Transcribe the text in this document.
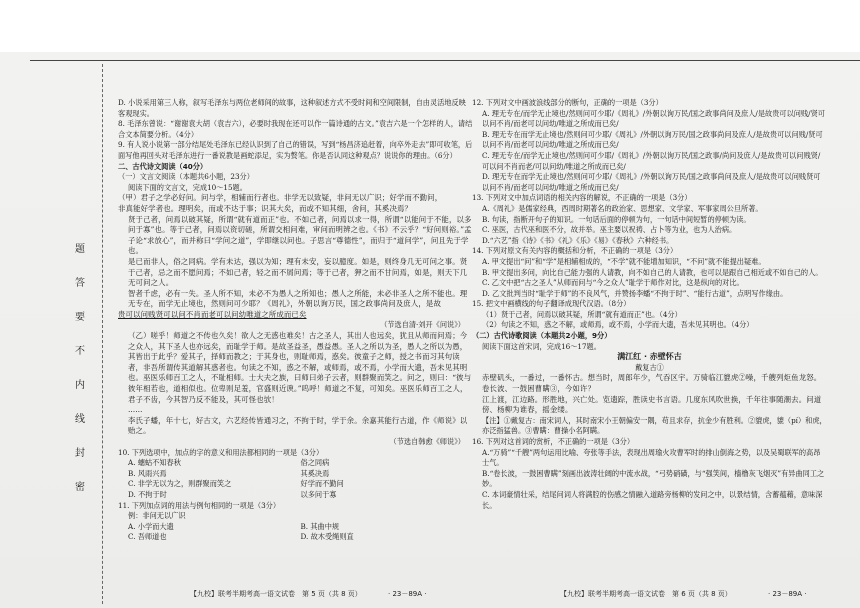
题
答
要
不
内
线
封
密

D. 小说采用第三人称，叙写毛泽东与两位老师间的故事，这种叙述方式不受时间和空间限制，自由灵活地反映客观现实。

8. 毛泽东曾说：“谢谢袁大胡（袁吉六），必要时我现在还可以作一篇诗通的古文。”袁吉六是一个怎样的人，请结合文本简要分析。（4分）

9. 有人说小说第一部分结尾处毛泽东已经认识到了自己的错误，写到“杨昌济追赶着，向卒外走去”即可收笔，后面写他再回头对毛泽东进行一番说教是画蛇添足，实为赘笔。你是否认同这种观点？说说你的理由。（6分）

二、古代诗文阅读（40分）

（一）文言文阅读（本题共6小题，23分）

阅读下面的文言文，完成10～15题。

（甲）君子之学必好问。问与学，相辅而行者也。非学无以致疑，非问无以广识；好学而不勤问，

非真能好学者也。理明矣，而或不达于事；识其大矣，而或不知其细，舍问，其奚决焉？

贤于己者，问焉以破其疑，所谓“就有道而正”也。不如己者，问焉以求一得，所谓“以能问于不能，以多问于寡”也。等于己者，问焉以资切磋，所谓交相问难，审问而明辨之也。《书》不云乎？“好问则裕。”孟子论“求放心”，而并称曰“学问之道”，学即继以问也。子思言“尊德性”，而归于“道问学”，问且先于学也。

是已而非人，俗之同病。学有未达，强以为知；理有未安，妄以臆度。如是，则终身几无可问之事。贤于己者，忌之而不愿问焉；不如己者，轻之而不屑问焉；等于己者，狎之而不甘问焉，如是，则天下几无可问之人。

智者千虑，必有一失。圣人所不知，未必不为愚人之所知也；愚人之所能，未必非圣人之所不能也。理无专在，而学无止境也，然则问可少耶？《周礼》，外朝以询万民，国之政事尚问及庶人，是故

贵可以问贱贤可以问不肖而老可以问幼唯道之所成而已矣

（节选自清·刘开《问说》）

（乙）嗟乎！师道之不传也久矣！欲人之无惑也难矣！古之圣人，其出人也远矣，犹且从师而问焉；今之众人，其下圣人也亦远矣，而耻学于师。是故圣益圣，愚益愚。圣人之所以为圣，愚人之所以为愚，其皆出于此乎？爱其子，择师而教之；于其身也，则耻师焉，惑矣。彼童子之师，授之书而习其句读者，非吾所谓传其道解其惑者也。句读之不知，惑之不解，或师焉，或不焉，小学而大遗，吾未见其明也。巫医乐师百工之人，不耻相师。士大夫之族，曰师曰弟子云者，则群聚而笑之。问之，则曰：“彼与彼年相若也，道相似也。位卑则足羞，官盛则近谀。”呜呼！师道之不复，可知矣。巫医乐师百工之人，君子不齿，今其智乃反不能及，其可怪也欤！

……

李氏子蟠，年十七，好古文，六艺经传皆通习之，不拘于时，学于余。余嘉其能行古道，作《师说》以贻之。

（节选自韩愈《师说》）

10. 下列选项中，加点的字的意义和用法都相同的一项是（3分）

A. 蟪蛄不知春秋	俗之同病
B. 风雨兴焉	其奚决焉
C. 非学无以为之，则群聚而笑之	好学而不勤问
D. 不拘于时	以多问于寡

11. 下列加点词的用法与例句相同的一项是（3分）

例：非问无以广识

A. 小学而大遗	B. 其曲中规
C. 吾师道也	D. 故木受绳则直

12. 下列对文中画波浪线部分的断句，正确的一项是（3分）

A. 理无专在/而学无止境也/然则问可少耶/《周礼》/外朝以询万民/国之政事尚问及庶人/是故贵可以问贱/贤可以问不肖/而老可以问幼/唯道之所成而已矣/

B. 理无专在而学无止境也/然则问可少耶/《周礼》/外朝以询万民/国之政事尚问及庶人/是故贵可以问贱/贤可以问不肖/而老可以问幼/唯道之所成而已矣/

C. 理无专在/而学无止境也/然则问可少耶/《周礼》/外朝以询万民/国之政事/尚问及庶人/是故贵可以问贱贤/可以问不肖而老/可以问幼/唯道之所成而已矣/

D. 理无专在而学无止境也/然则问可少耶/《周礼》/外朝以询万民/国之政事尚问及庶人/是故贵可以问贱贤可以问不肖/而老可以问幼/唯道之所成而已矣/

13. 下列对文中加点词语的相关内容的解说，不正确的一项是（3分）

A.《周礼》是儒家经典，西周时期著名的政治家、思想家、文学家、军事家周公旦所著。

B. 句读，指断开句子的知识。一句话后面的停顿为句，一句话中间短暂的停顿为读。

C. 巫医，古代巫和医不分，故并举。巫主要以祝祷、占卜等为业，也为人治病。

D.“六艺”指《诗》《书》《礼》《乐》《易》《春秋》六种经书。

14. 下列对原文有关内容的概括和分析，不正确的一项是（3分）

A. 甲文提出“问”和“学”是相辅相成的，“不学”就不能增加知识，“不问”就不能提出疑难。

B. 甲文提出多问，向比自己能力强的人请教，向不如自己的人请教，也可以是跟自己相近或不如自己的人。

C. 乙文中把“古之圣人”从师而问与“今之众人”耻学于师作对比，这是纵向的对比。

D. 乙文批判当时“耻学于师”的不良风气，并赞扬李蟠“不拘于时”、“能行古道”，点明写作缘由。

15. 把文中画横线的句子翻译成现代汉语。（8分）

（1）贤于己者，问焉以破其疑，所谓“就有道而正”也。（4分）

（2）句读之不知，惑之不解，或师焉，或不焉，小学而大遗，吾未见其明也。（4分）

（二）古代诗歌阅读（本题共2小题，9分）

阅读下面这首宋词，完成16～17题。

满江红 · 赤壁怀古

戴复古①

赤壁矶头，一番过，一番怀古。想当时，周郎年少，气吞区宇。万骑临江貔虎②噪，千艘列炬鱼龙怒。卷长波、一鼓困曹瞒③，今如许？

江上渡，江边路。形胜地，兴亡处。览遗踪，胜读史书言语。几度东风吹世换，千年往事随潮去。问道傍、杨柳为谁春，摇金缕。

【注】①戴复古：南宋词人，其时南宋小王朝偏安一隅，苟且求存，抗金少有胜利。②貔虎，貔（pí）和虎，亦泛指猛兽。③曹瞒：曹操小名阿瞒。

16. 下列对这首词的赏析，不正确的一项是（3分）

A.“万骑”“千艘”两句运用比喻、夸张等手法，表现出周瑜火攻曹军时的排山倒海之势，以及吴蜀联军的高昂士气。

B.“卷长波，一鼓困曹瞒”刻画出波涛壮阔的中流水战，“弓势硝磺，与“强笑间，樯橹灰飞烟灭”有异曲同工之妙。

C. 本词豪情壮采，结尾问词人将满腔的伤感之情融入道路旁杨柳的发问之中，以景结情，含蓄蕴藉，意味深长。

【九校】联考半期考高一语文试卷　第 5 页（共 8 页）	· 23－89A ·	【九校】联考半期考高一语文试卷　第 6 页（共 8 页）	· 23－89A ·
